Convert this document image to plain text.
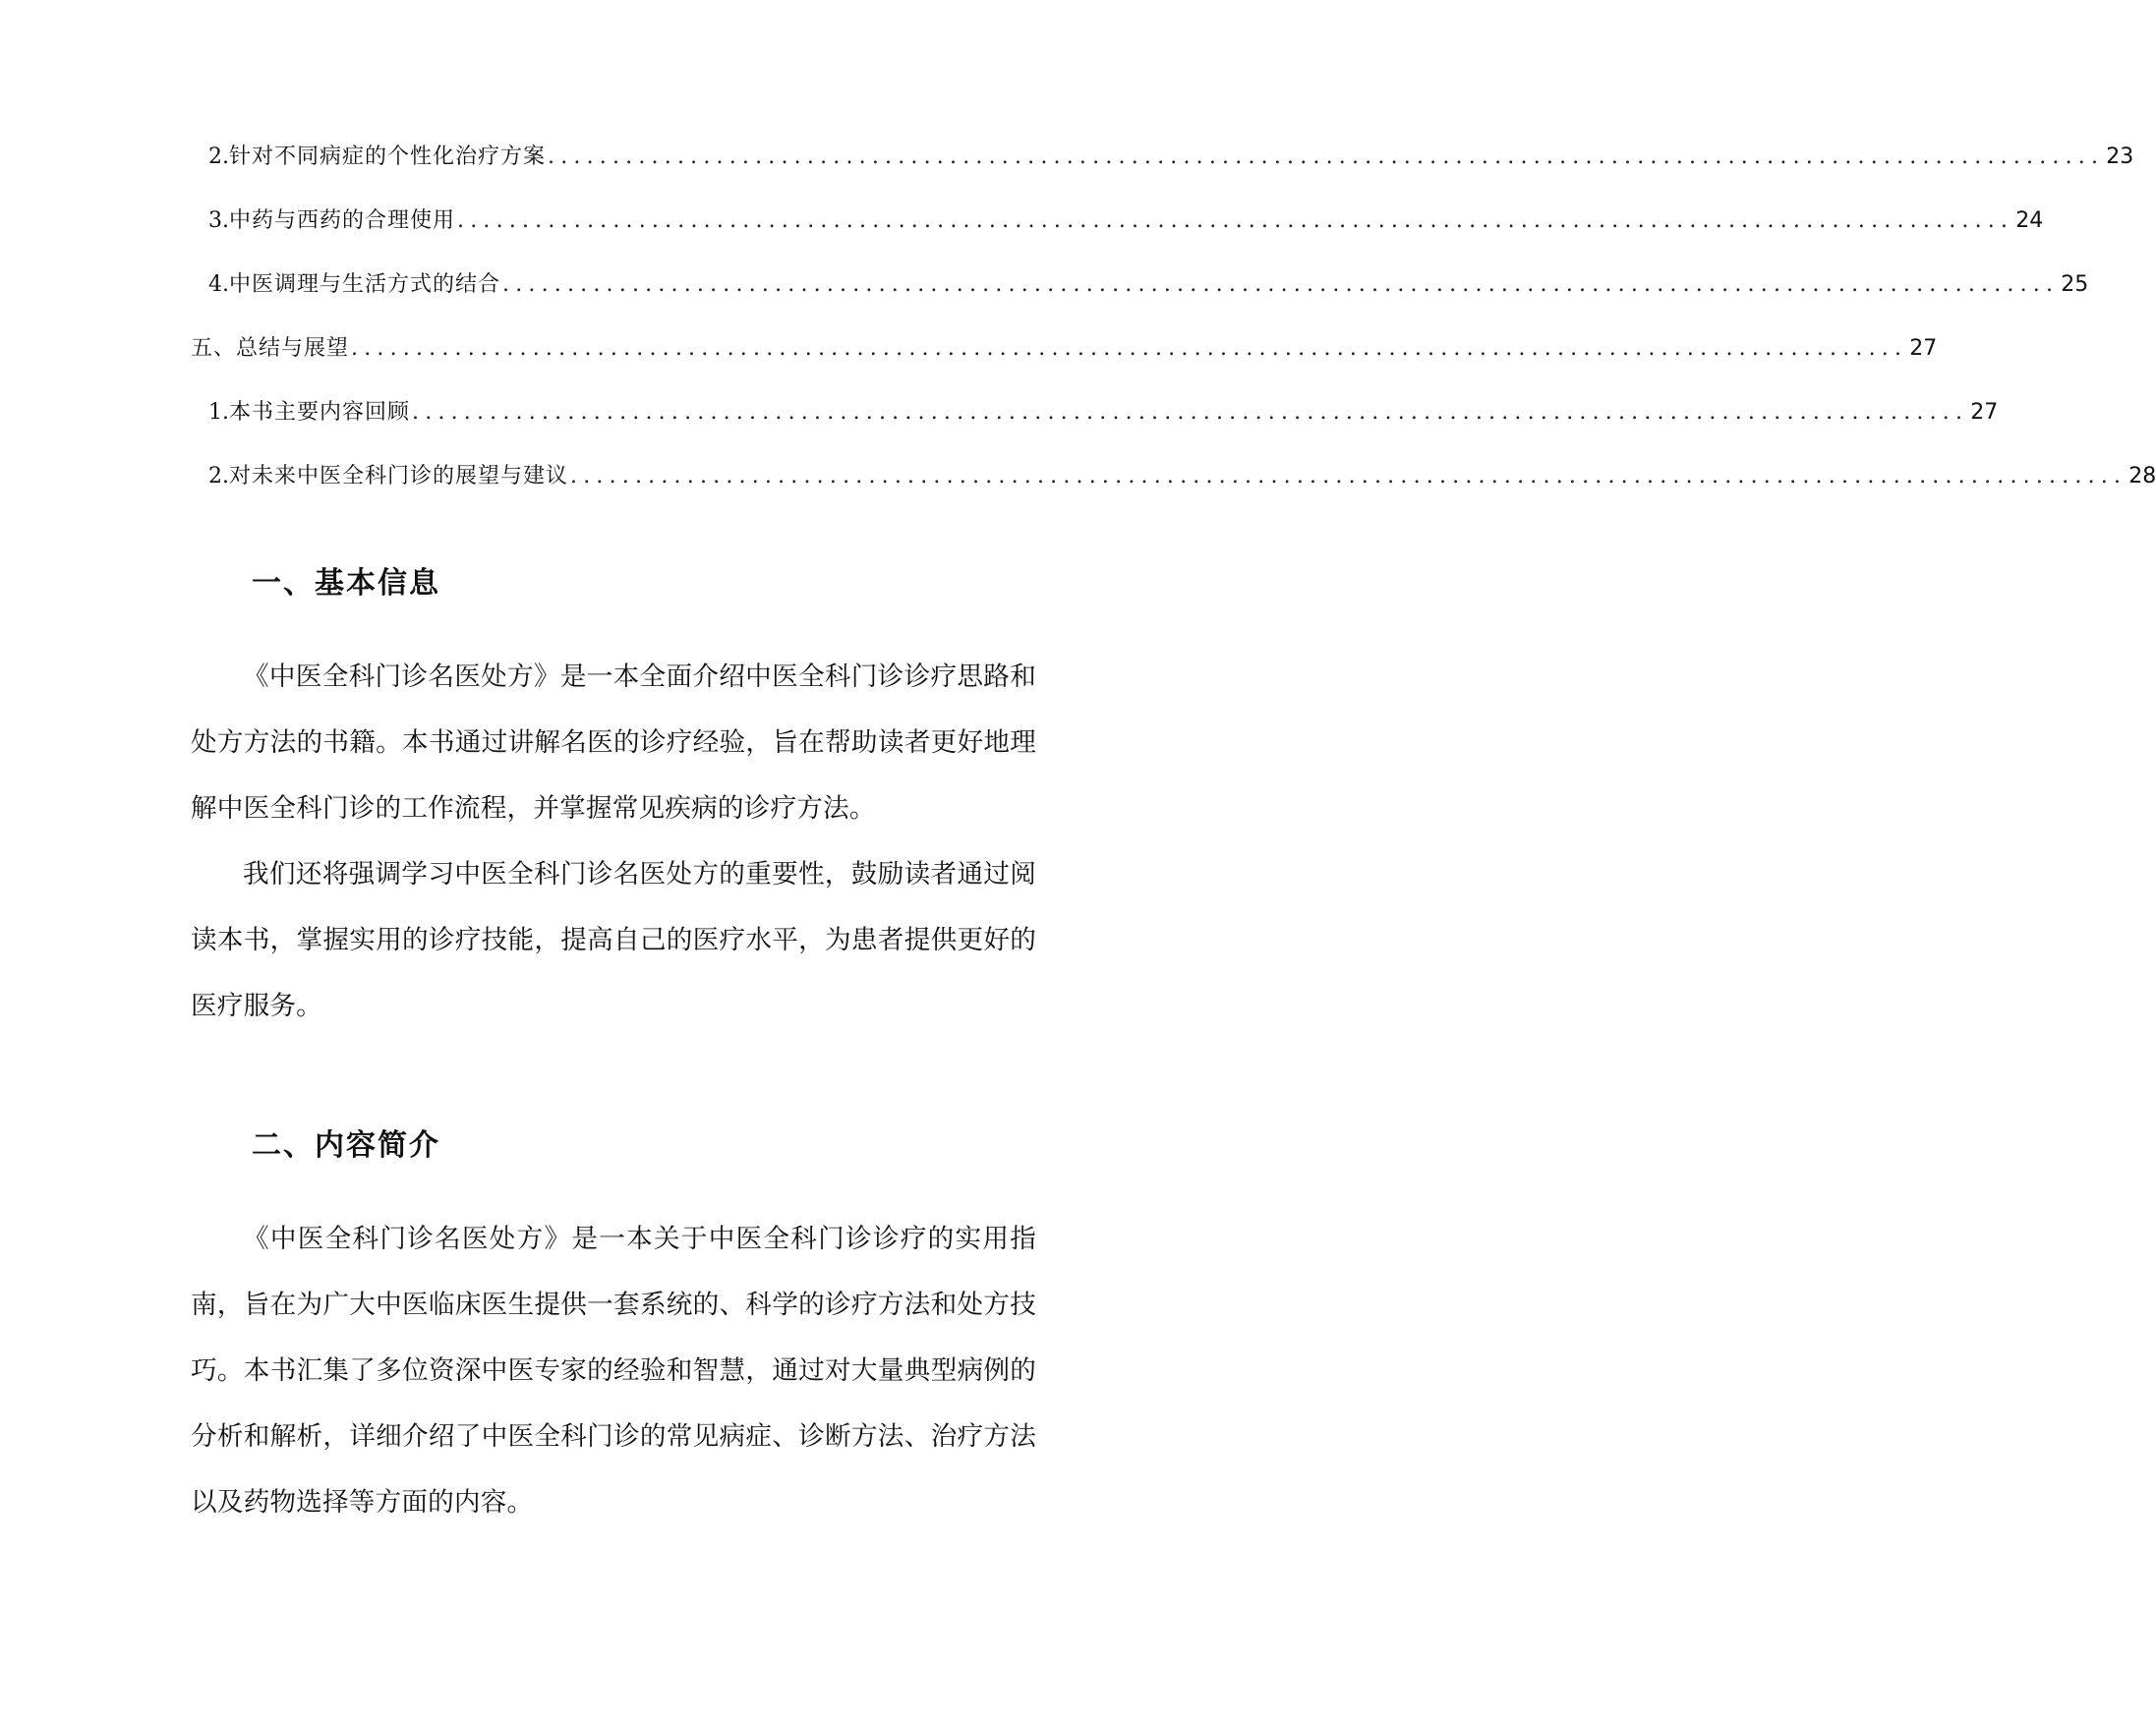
2. 针对不同病症的个性化治疗方案 .....	23
3. 中药与西药的合理使用 .....	24
4. 中医调理与生活方式的结合 .....	25
五、总结与展望 .....	27
1. 本书主要内容回顾 .....	27
2. 对未来中医全科门诊的展望与建议 .....	28
一、基本信息

《中医全科门诊名医处方》是一本全面介绍中医全科门诊诊疗思路和处方方法的书籍。本书通过讲解名医的诊疗经验，旨在帮助读者更好地理解中医全科门诊的工作流程，并掌握常见疾病的诊疗方法。

我们还将强调学习中医全科门诊名医处方的重要性，鼓励读者通过阅读本书，掌握实用的诊疗技能，提高自己的医疗水平，为患者提供更好的医疗服务。

二、内容简介

《中医全科门诊名医处方》是一本关于中医全科门诊诊疗的实用指南，旨在为广大中医临床医生提供一套系统的、科学的诊疗方法和处方技巧。本书汇集了多位资深中医专家的经验和智慧，通过对大量典型病例的分析和解析，详细介绍了中医全科门诊的常见病症、诊断方法、治疗方法以及药物选择等方面的内容。
